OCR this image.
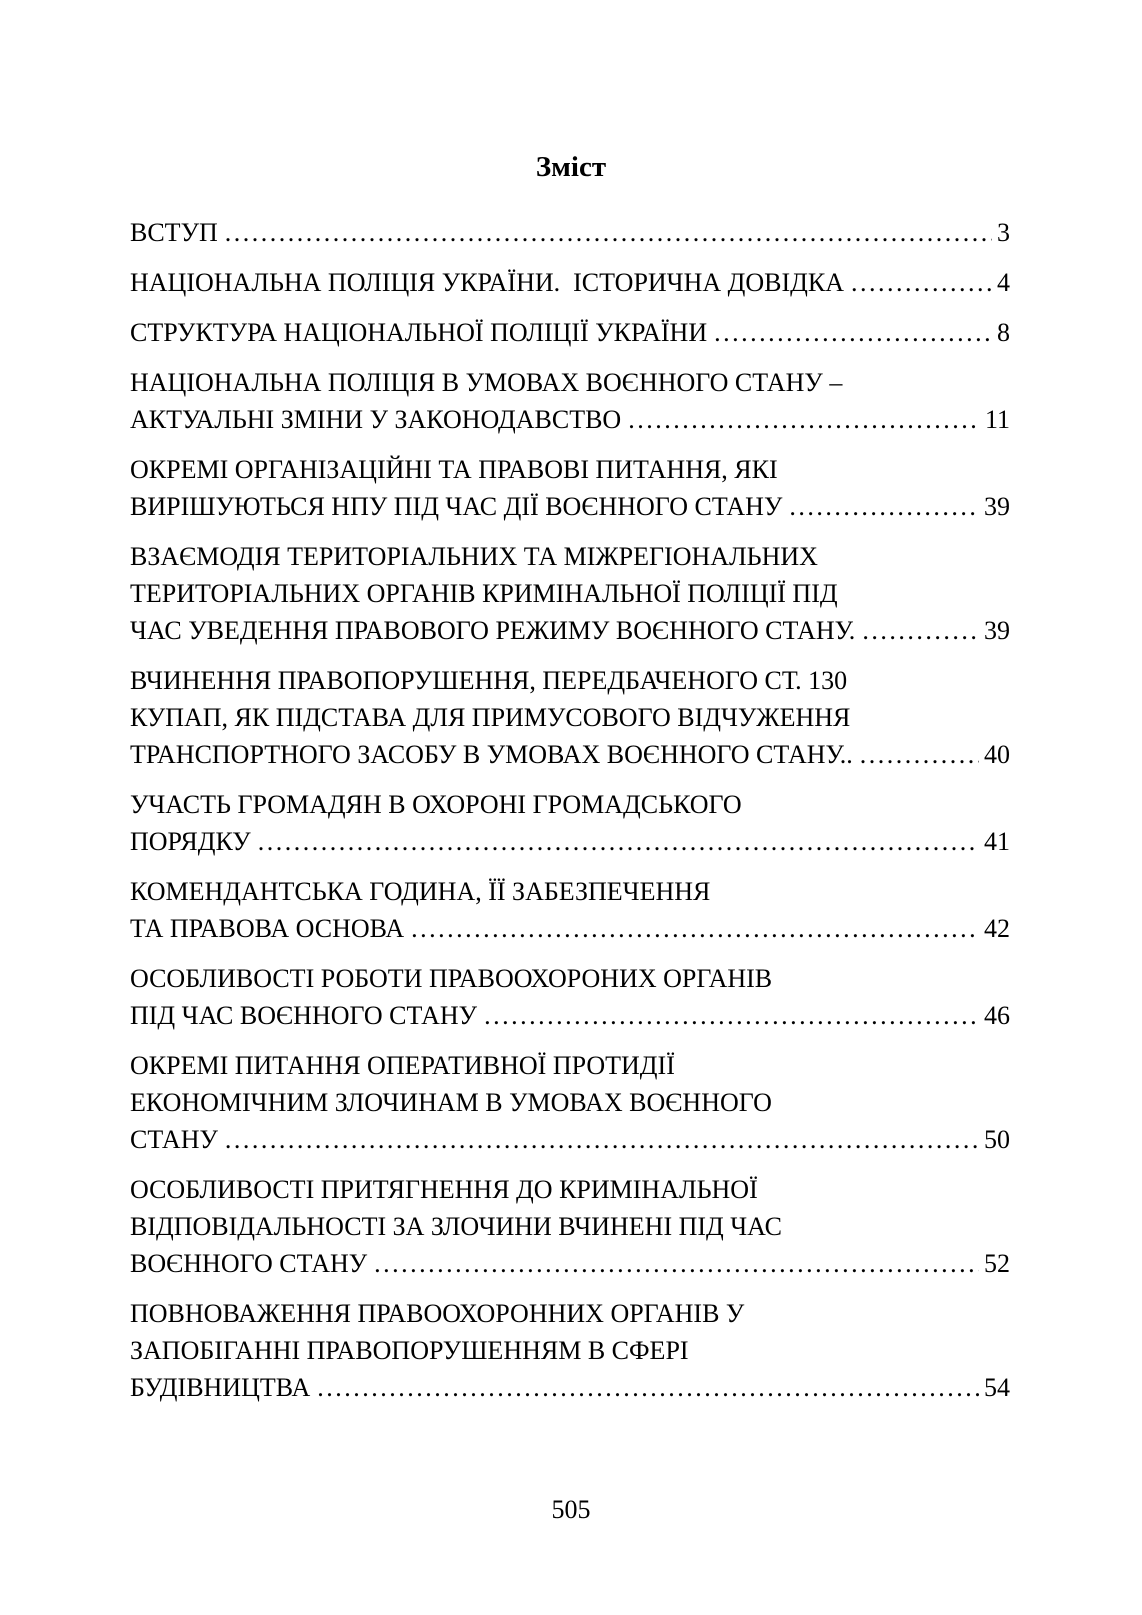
Зміст
ВСТУП .....	3
НАЦІОНАЛЬНА ПОЛІЦІЯ УКРАЇНИ.  ІСТОРИЧНА ДОВІДКА .....	4
СТРУКТУРА НАЦІОНАЛЬНОЇ ПОЛІЦІЇ УКРАЇНИ .....	8
НАЦІОНАЛЬНА ПОЛІЦІЯ В УМОВАХ ВОЄННОГО СТАНУ –
АКТУАЛЬНІ ЗМІНИ У ЗАКОНОДАВСТВО .....	11
ОКРЕМІ ОРГАНІЗАЦІЙНІ ТА ПРАВОВІ ПИТАННЯ, ЯКІ
ВИРІШУЮТЬСЯ НПУ ПІД ЧАС ДІЇ ВОЄННОГО СТАНУ .....	39
ВЗАЄМОДІЯ ТЕРИТОРІАЛЬНИХ ТА МІЖРЕГІОНАЛЬНИХ
ТЕРИТОРІАЛЬНИХ ОРГАНІВ КРИМІНАЛЬНОЇ ПОЛІЦІЇ ПІД
ЧАС УВЕДЕННЯ ПРАВОВОГО РЕЖИМУ ВОЄННОГО СТАНУ. .....	39
ВЧИНЕННЯ ПРАВОПОРУШЕННЯ, ПЕРЕДБАЧЕНОГО СТ. 130
КУПАП, ЯК ПІДСТАВА ДЛЯ ПРИМУСОВОГО ВІДЧУЖЕННЯ
ТРАНСПОРТНОГО ЗАСОБУ В УМОВАХ ВОЄННОГО СТАНУ.. .....	40
УЧАСТЬ ГРОМАДЯН В ОХОРОНІ ГРОМАДСЬКОГО
ПОРЯДКУ .....	41
КОМЕНДАНТСЬКА ГОДИНА, ЇЇ ЗАБЕЗПЕЧЕННЯ
ТА ПРАВОВА ОСНОВА .....	42
ОСОБЛИВОСТІ РОБОТИ ПРАВООХОРОНИХ ОРГАНІВ
ПІД ЧАС ВОЄННОГО СТАНУ .....	46
ОКРЕМІ ПИТАННЯ ОПЕРАТИВНОЇ ПРОТИДІЇ
ЕКОНОМІЧНИМ ЗЛОЧИНАМ В УМОВАХ ВОЄННОГО
СТАНУ .....	50
ОСОБЛИВОСТІ ПРИТЯГНЕННЯ ДО КРИМІНАЛЬНОЇ
ВІДПОВІДАЛЬНОСТІ ЗА ЗЛОЧИНИ ВЧИНЕНІ ПІД ЧАС
ВОЄННОГО СТАНУ .....	52
ПОВНОВАЖЕННЯ ПРАВООХОРОННИХ ОРГАНІВ У
ЗАПОБІГАННІ ПРАВОПОРУШЕННЯМ В СФЕРІ
БУДІВНИЦТВА .....	54
505
